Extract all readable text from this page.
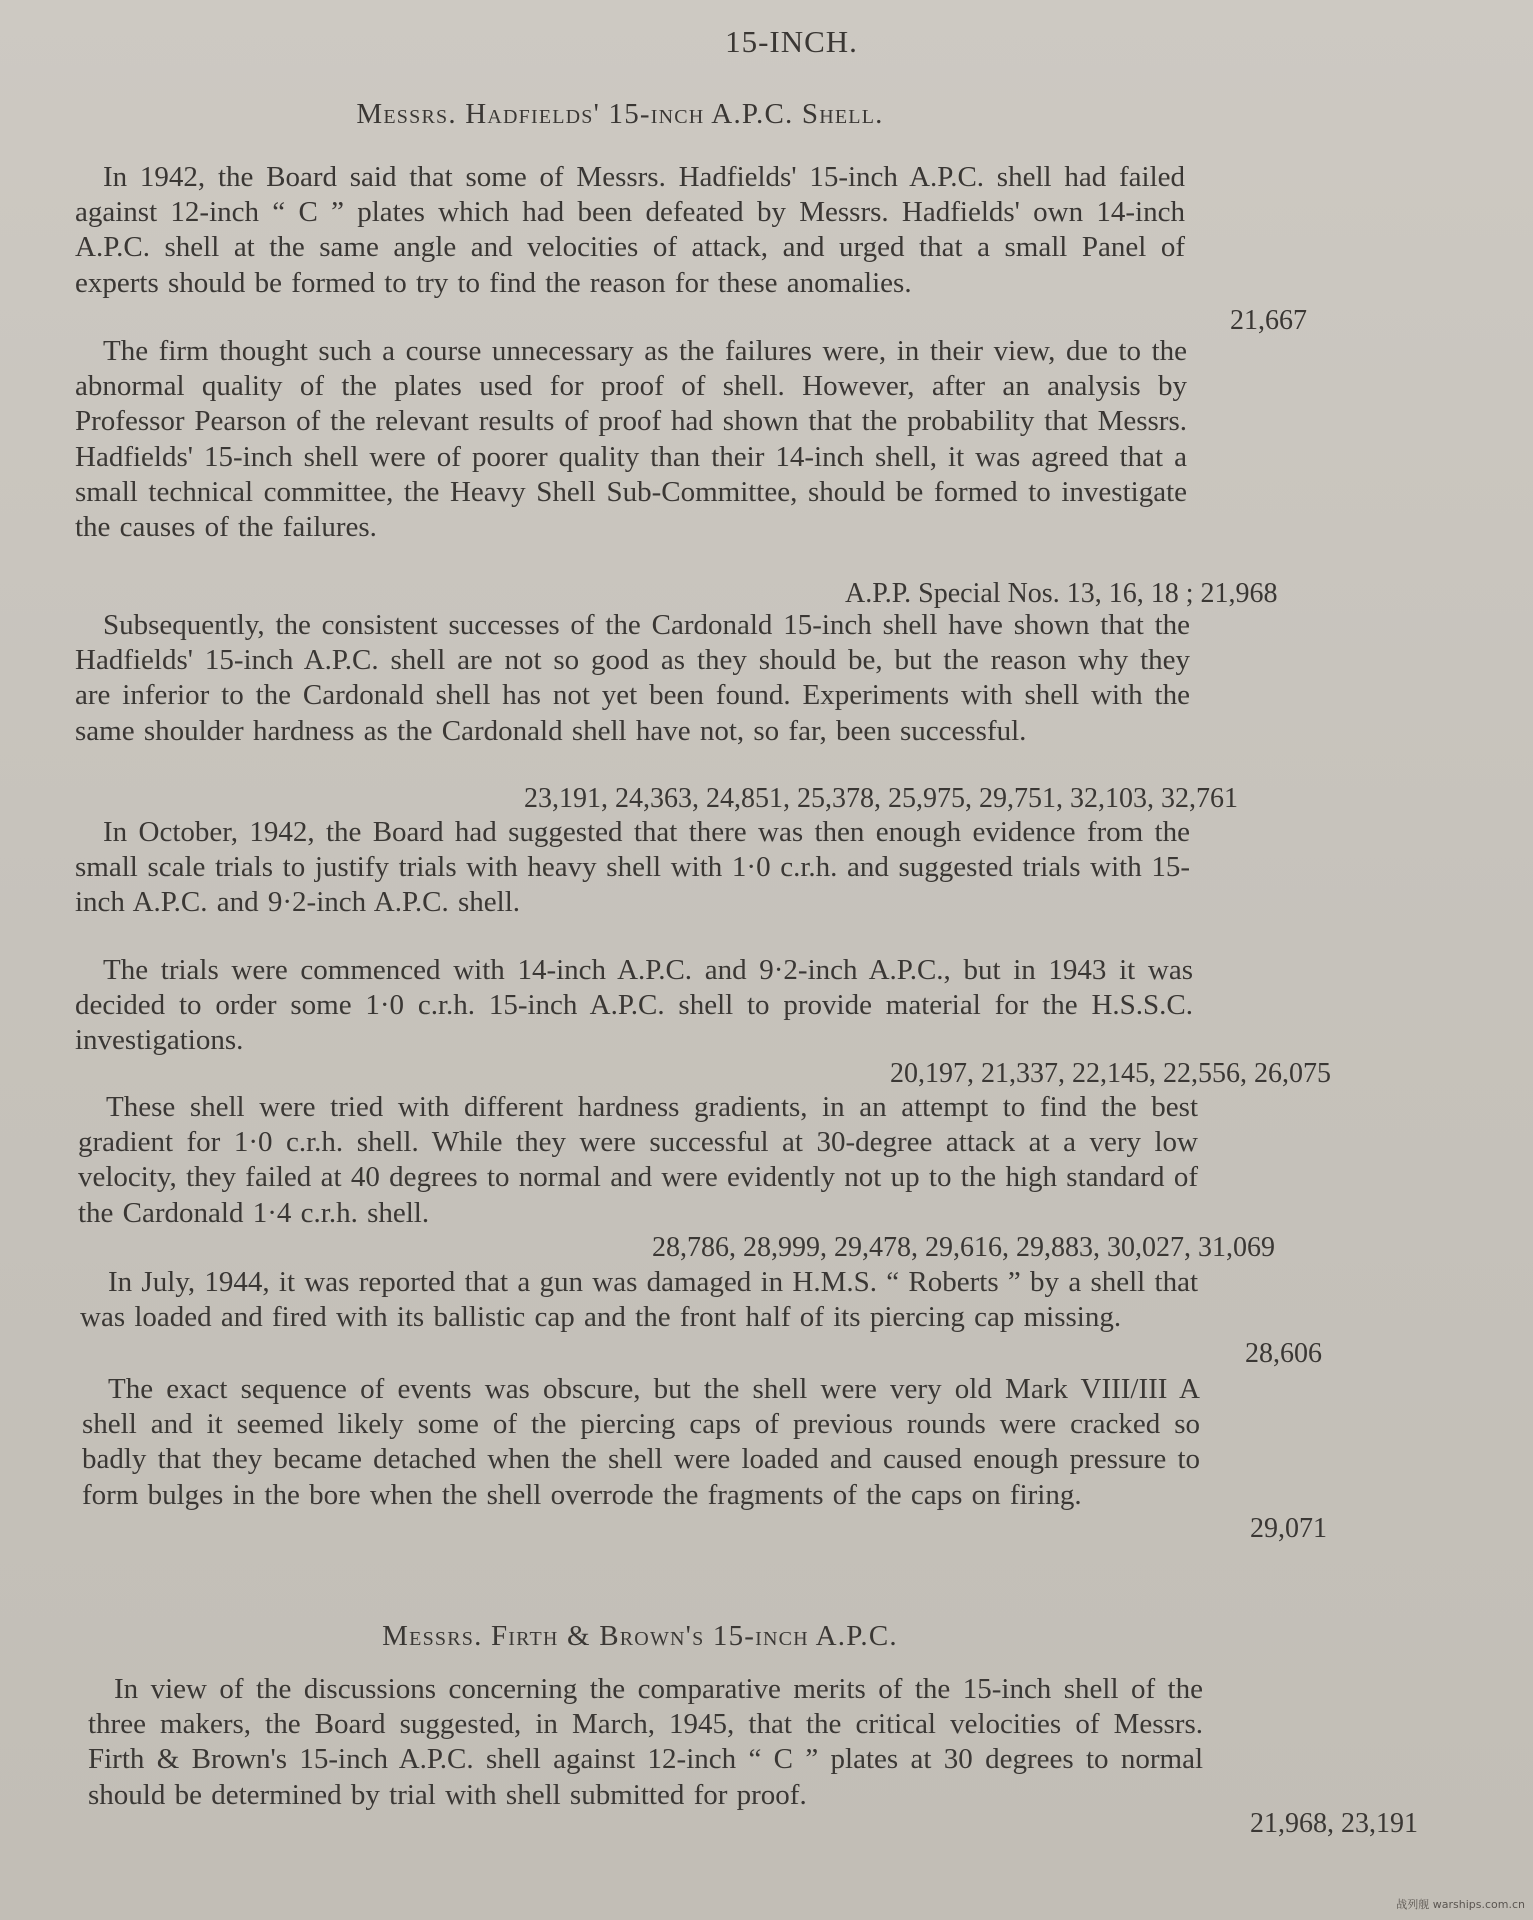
15-INCH.
Messrs. Hadfields' 15-inch A.P.C. Shell.
In 1942, the Board said that some of Messrs. Hadfields' 15-inch A.P.C. shell had failed against 12-inch “ C ” plates which had been defeated by Messrs. Hadfields' own 14-inch A.P.C. shell at the same angle and velocities of attack, and urged that a small Panel of experts should be formed to try to find the reason for these anomalies.
21,667
The firm thought such a course unnecessary as the failures were, in their view, due to the abnormal quality of the plates used for proof of shell. However, after an analysis by Professor Pearson of the relevant results of proof had shown that the probability that Messrs. Hadfields' 15-inch shell were of poorer quality than their 14-inch shell, it was agreed that a small technical committee, the Heavy Shell Sub-Committee, should be formed to investigate the causes of the failures.
A.P.P. Special Nos. 13, 16, 18 ; 21,968
Subsequently, the consistent successes of the Cardonald 15-inch shell have shown that the Hadfields' 15-inch A.P.C. shell are not so good as they should be, but the reason why they are inferior to the Cardonald shell has not yet been found. Experiments with shell with the same shoulder hardness as the Cardonald shell have not, so far, been successful.
23,191, 24,363, 24,851, 25,378, 25,975, 29,751, 32,103, 32,761
In October, 1942, the Board had suggested that there was then enough evidence from the small scale trials to justify trials with heavy shell with 1·0 c.r.h. and suggested trials with 15-inch A.P.C. and 9·2-inch A.P.C. shell.
The trials were commenced with 14-inch A.P.C. and 9·2-inch A.P.C., but in 1943 it was decided to order some 1·0 c.r.h. 15-inch A.P.C. shell to provide material for the H.S.S.C. investigations.
20,197, 21,337, 22,145, 22,556, 26,075
These shell were tried with different hardness gradients, in an attempt to find the best gradient for 1·0 c.r.h. shell. While they were successful at 30-degree attack at a very low velocity, they failed at 40 degrees to normal and were evidently not up to the high standard of the Cardonald 1·4 c.r.h. shell.
28,786, 28,999, 29,478, 29,616, 29,883, 30,027, 31,069
In July, 1944, it was reported that a gun was damaged in H.M.S. “ Roberts ” by a shell that was loaded and fired with its ballistic cap and the front half of its piercing cap missing.
28,606
The exact sequence of events was obscure, but the shell were very old Mark VIII/III A shell and it seemed likely some of the piercing caps of previous rounds were cracked so badly that they became detached when the shell were loaded and caused enough pressure to form bulges in the bore when the shell overrode the fragments of the caps on firing.
29,071
Messrs. Firth & Brown's 15-inch A.P.C.
In view of the discussions concerning the comparative merits of the 15-inch shell of the three makers, the Board suggested, in March, 1945, that the critical velocities of Messrs. Firth & Brown's 15-inch A.P.C. shell against 12-inch “ C ” plates at 30 degrees to normal should be determined by trial with shell submitted for proof.
21,968, 23,191
战列舰 warships.com.cn
